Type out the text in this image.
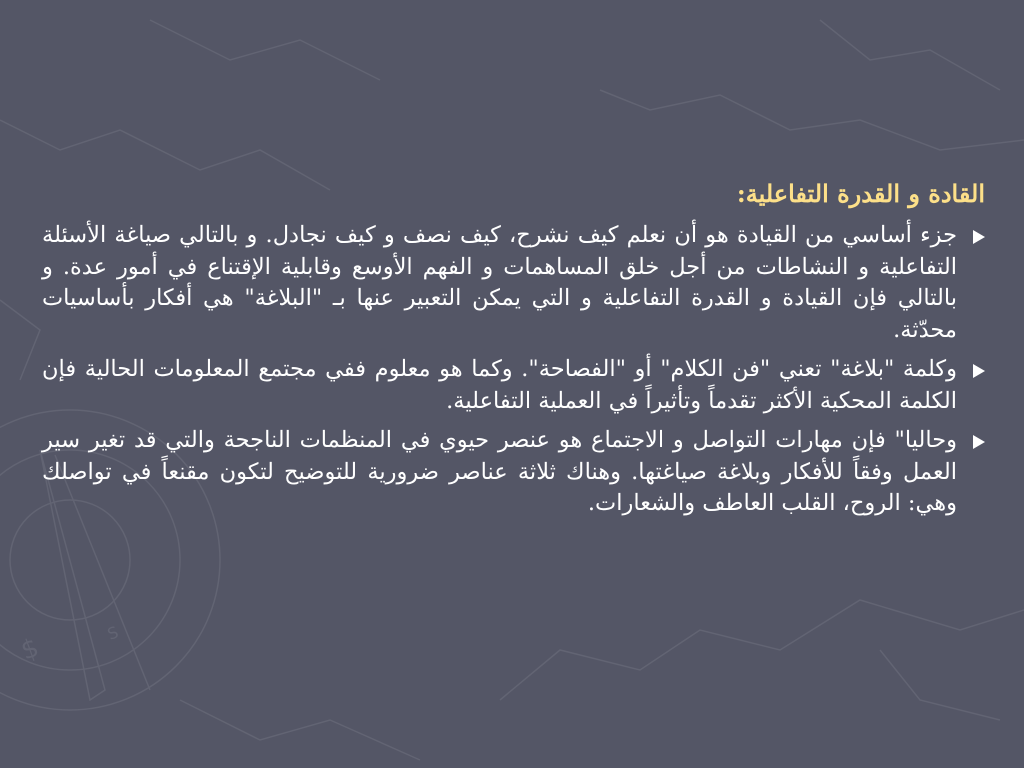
$	S
القادة و القدرة التفاعلية:
جزء أساسي من القيادة هو أن نعلم كيف نشرح، كيف نصف و كيف نجادل. و بالتالي صياغة الأسئلة التفاعلية و النشاطات من أجل خلق المساهمات و الفهم الأوسع وقابلية الإقتناع في أمور عدة. و بالتالي فإن القيادة و القدرة التفاعلية و التي يمكن التعبير عنها بـ "البلاغة" هي أفكار بأساسيات محدّثة.
وكلمة "بلاغة" تعني "فن الكلام" أو "الفصاحة". وكما هو معلوم ففي مجتمع المعلومات الحالية فإن الكلمة المحكية الأكثر تقدماً وتأثيراً في العملية التفاعلية.
وحاليا" فإن مهارات التواصل و الاجتماع هو عنصر حيوي في المنظمات الناجحة والتي قد تغير سير العمل وفقاً للأفكار وبلاغة صياغتها. وهناك ثلاثة عناصر ضرورية للتوضيح لتكون مقنعاً في تواصلك وهي: الروح، القلب العاطف والشعارات.
